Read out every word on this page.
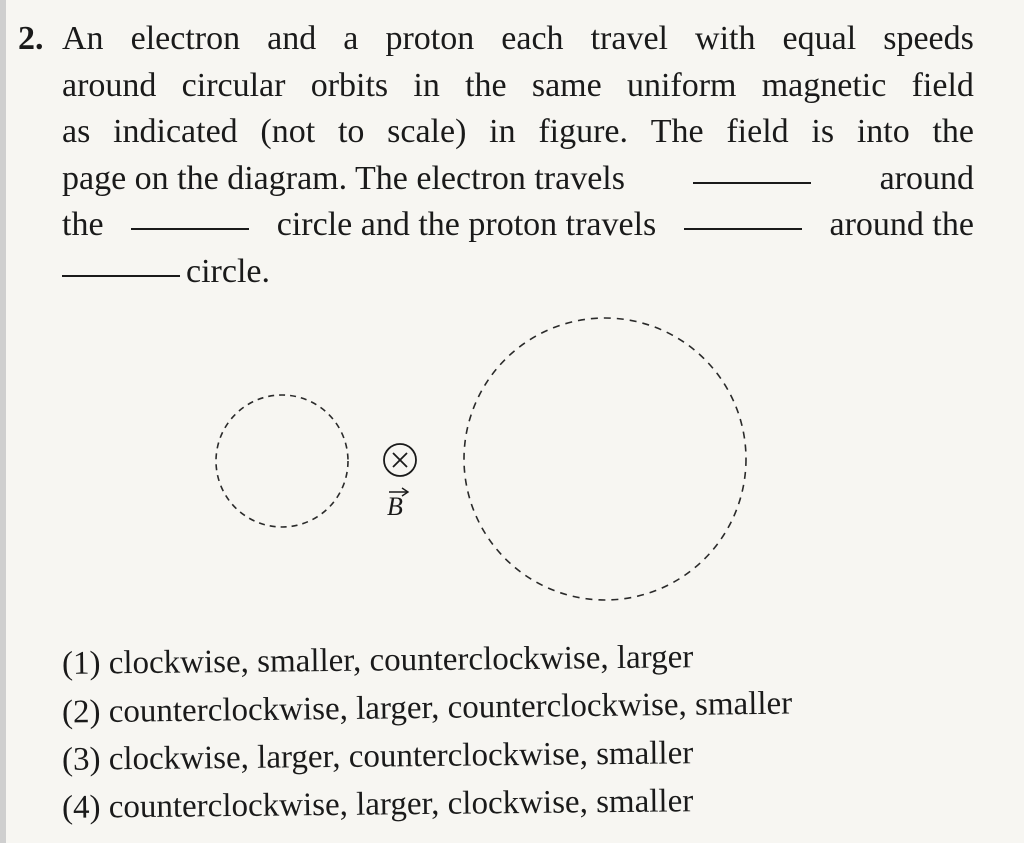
2. An electron and a proton each travel with equal speeds
around circular orbits in the same uniform magnetic field
as indicated (not to scale) in figure. The field is into the
page on the diagram. The electron travels	around
the	circle and the proton travels	around the
circle.
B
(1) clockwise, smaller, counterclockwise, larger
(2) counterclockwise, larger, counterclockwise, smaller
(3) clockwise, larger, counterclockwise, smaller
(4) counterclockwise, larger, clockwise, smaller
